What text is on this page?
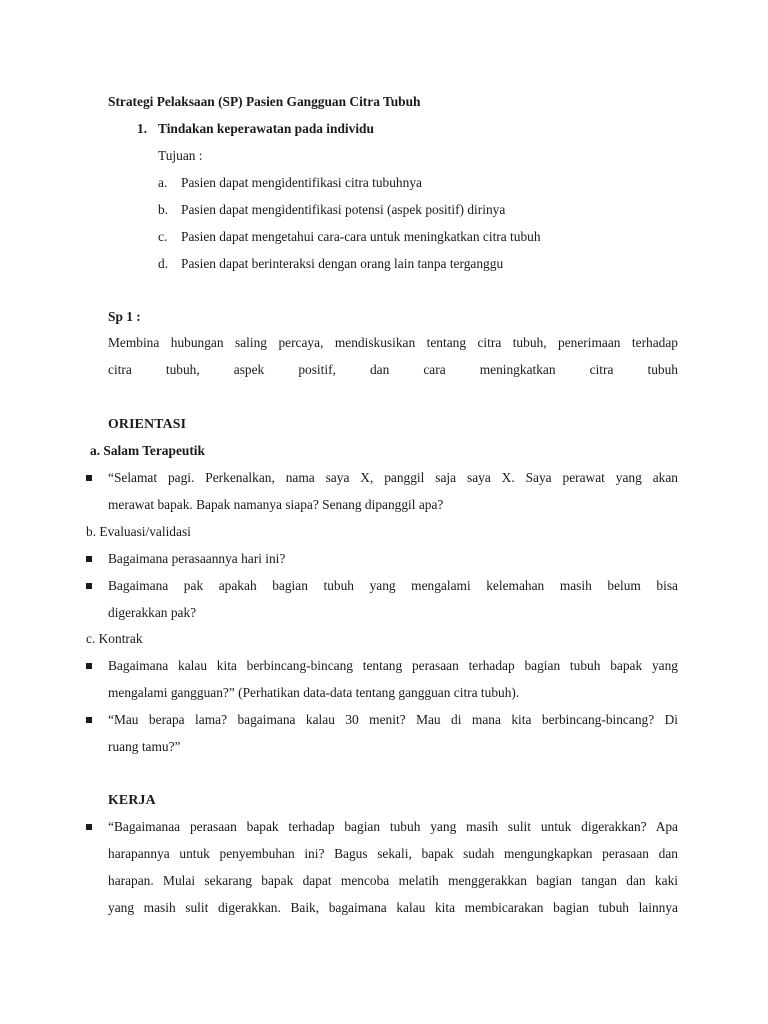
Strategi Pelaksaan (SP) Pasien Gangguan Citra Tubuh
1. Tindakan keperawatan pada individu
Tujuan :
a. Pasien dapat mengidentifikasi citra tubuhnya
b. Pasien dapat mengidentifikasi potensi (aspek positif) dirinya
c. Pasien dapat mengetahui cara-cara untuk meningkatkan citra tubuh
d. Pasien dapat berinteraksi dengan orang lain tanpa terganggu
Sp 1 :
Membina hubungan saling percaya, mendiskusikan tentang citra tubuh, penerimaan terhadap
citra tubuh, aspek positif, dan cara meningkatkan citra tubuh
ORIENTASI
a. Salam Terapeutik
“Selamat pagi. Perkenalkan, nama saya X, panggil saja saya X. Saya perawat yang akan
merawat bapak. Bapak namanya siapa? Senang dipanggil apa?
b. Evaluasi/validasi
Bagaimana perasaannya hari ini?
Bagaimana pak apakah bagian tubuh yang mengalami kelemahan masih belum bisa
digerakkan pak?
c. Kontrak
Bagaimana kalau kita berbincang-bincang tentang perasaan terhadap bagian tubuh bapak yang
mengalami gangguan?” (Perhatikan data-data tentang gangguan citra tubuh).
“Mau berapa lama? bagaimana kalau 30 menit? Mau di mana kita berbincang-bincang? Di
ruang tamu?”
KERJA
“Bagaimanaa perasaan bapak terhadap bagian tubuh yang masih sulit untuk digerakkan? Apa
harapannya untuk penyembuhan ini? Bagus sekali, bapak sudah mengungkapkan perasaan dan
harapan. Mulai sekarang bapak dapat mencoba melatih menggerakkan bagian tangan dan kaki
yang masih sulit digerakkan. Baik, bagaimana kalau kita membicarakan bagian tubuh lainnya
